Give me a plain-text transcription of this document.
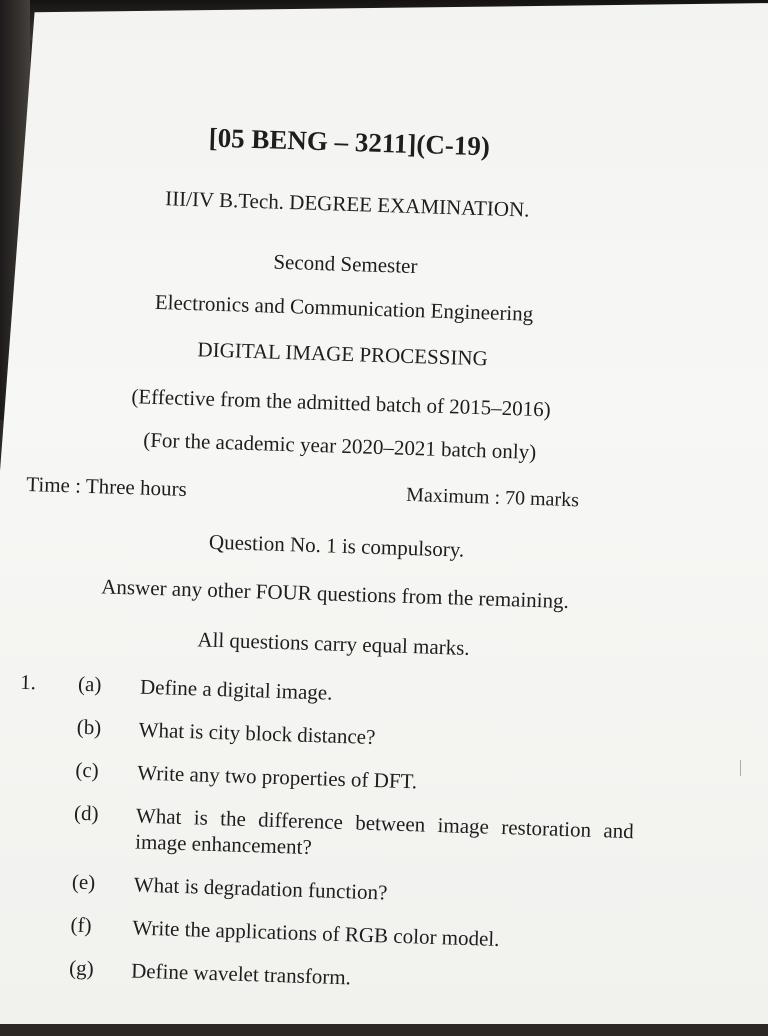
[05 BENG – 3211](C-19)
III/IV B.Tech. DEGREE EXAMINATION.
Second Semester
Electronics and Communication Engineering
DIGITAL IMAGE PROCESSING
(Effective from the admitted batch of 2015–2016)
(For the academic year 2020–2021 batch only)
Time : Three hours	Maximum : 70 marks
Question No. 1 is compulsory.
Answer any other FOUR questions from the remaining.
All questions carry equal marks.
1. (a)	Define a digital image.
(b)	What is city block distance?
(c)	Write any two properties of DFT.
(d)	What is the difference between image restoration and image enhancement?
(e)	What is degradation function?
(f)	Write the applications of RGB color model.
(g)	Define wavelet transform.
